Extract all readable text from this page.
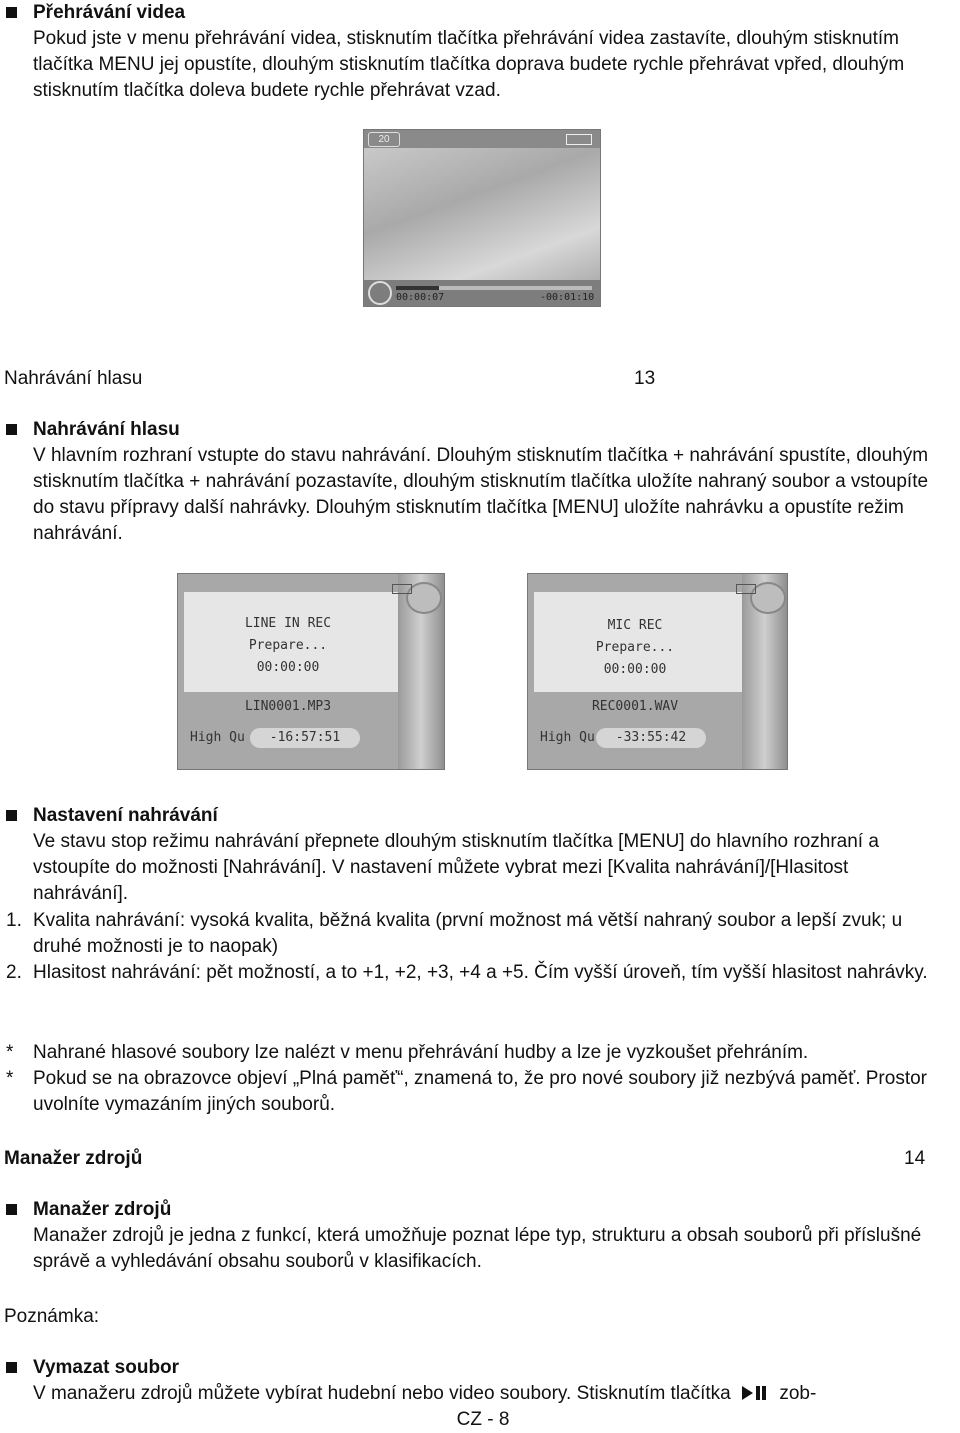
Přehrávání videa
Pokud jste v menu přehrávání videa, stisknutím tlačítka přehrávání videa zastavíte, dlouhým stisknutím tlačítka MENU jej opustíte, dlouhým stisknutím tlačítka doprava budete rychle přehrávat vpřed, dlouhým stisknutím tlačítka doleva budete rychle přehrávat vzad.
20
00:00:07	-00:01:10
Nahrávání hlasu	13
Nahrávání hlasu
V hlavním rozhraní vstupte do stavu nahrávání. Dlouhým stisknutím tlačítka + nahrávání spustíte, dlouhým stisknutím tlačítka + nahrávání pozastavíte, dlouhým stisknutím tlačítka uložíte nahraný soubor a vstoupíte do stavu přípravy další nahrávky. Dlouhým stisknutím tlačítka [MENU] uložíte nahrávku a opustíte režim nahrávání.
LINE IN REC
Prepare...
00:00:00
LIN0001.MP3
High Qu	-16:57:51
MIC REC
Prepare...
00:00:00
REC0001.WAV
High Qu	-33:55:42
Nastavení nahrávání
Ve stavu stop režimu nahrávání přepnete dlouhým stisknutím tlačítka [MENU] do hlavního rozhraní a vstoupíte do možnosti [Nahrávání]. V nastavení můžete vybrat mezi [Kvalita nahrávání]/[Hlasitost nahrávání].
1. Kvalita nahrávání: vysoká kvalita, běžná kvalita (první možnost má větší nahraný soubor a lepší zvuk; u druhé možnosti je to naopak)
2. Hlasitost nahrávání: pět možností, a to +1, +2, +3, +4 a +5. Čím vyšší úroveň, tím vyšší hlasitost nahrávky.
* Nahrané hlasové soubory lze nalézt v menu přehrávání hudby a lze je vyzkoušet přehráním.
* Pokud se na obrazovce objeví „Plná paměť“, znamená to, že pro nové soubory již nezbývá paměť. Prostor uvolníte vymazáním jiných souborů.
Manažer zdrojů	14
Manažer zdrojů
Manažer zdrojů je jedna z funkcí, která umožňuje poznat lépe typ, strukturu a obsah souborů při příslušné správě a vyhledávání obsahu souborů v klasifikacích.
Poznámka:
Vymazat soubor
V manažeru zdrojů můžete vybírat hudební nebo video soubory. Stisknutím tlačítka	zob-
CZ - 8
